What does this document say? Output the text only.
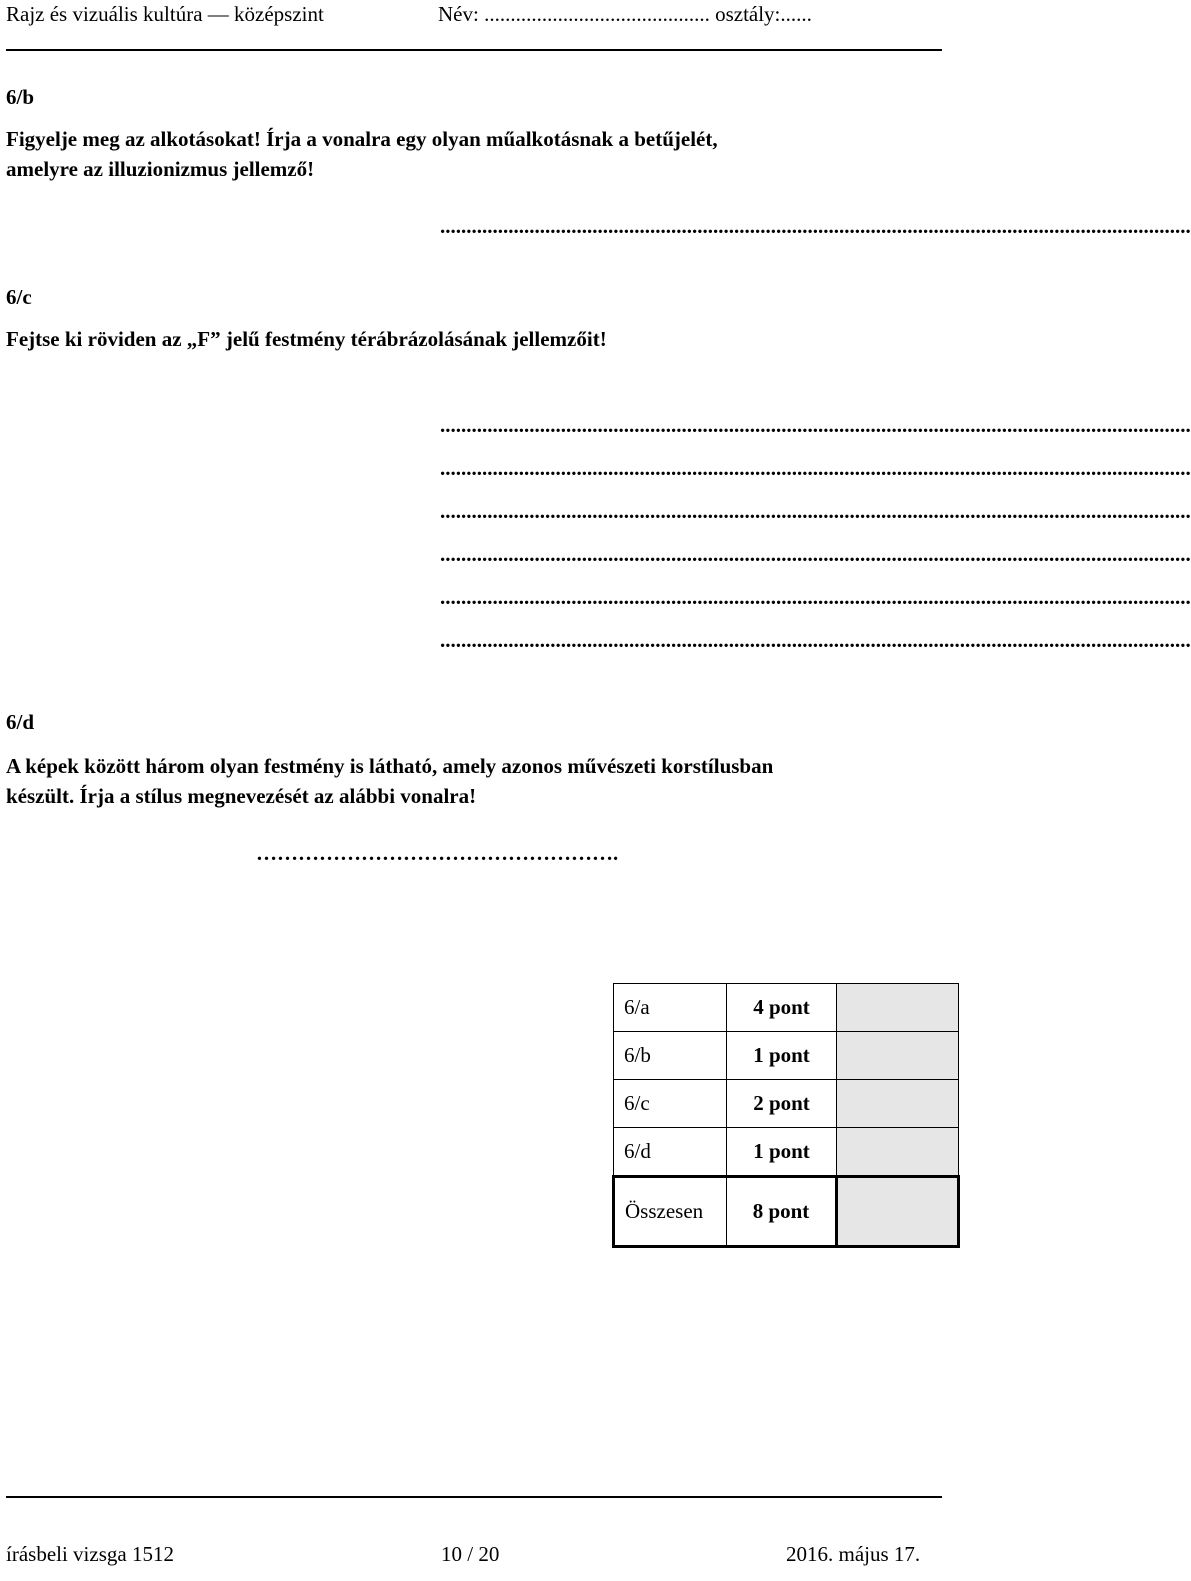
Rajz és vizuális kultúra — középszint	Név: ........................................... osztály:......
6/b
Figyelje meg az alkotásokat! Írja a vonalra egy olyan műalkotásnak a betűjelét,
amelyre az illuzionizmus jellemző!
...............................................................................................................................................
6/c
Fejtse ki röviden az „F” jelű festmény térábrázolásának jellemzőit!
...............................................................................................................................................
...............................................................................................................................................
...............................................................................................................................................
...............................................................................................................................................
...............................................................................................................................................
...............................................................................................................................................
6/d
A képek között három olyan festmény is látható, amely azonos művészeti korstílusban
készült. Írja a stílus megnevezését az alábbi vonalra!
…………………………………………….
6/a	4 pont	
6/b	1 pont	
6/c	2 pont	
6/d	1 pont	
Összesen	8 pont	
írásbeli vizsga 1512	10 / 20	2016. május 17.
